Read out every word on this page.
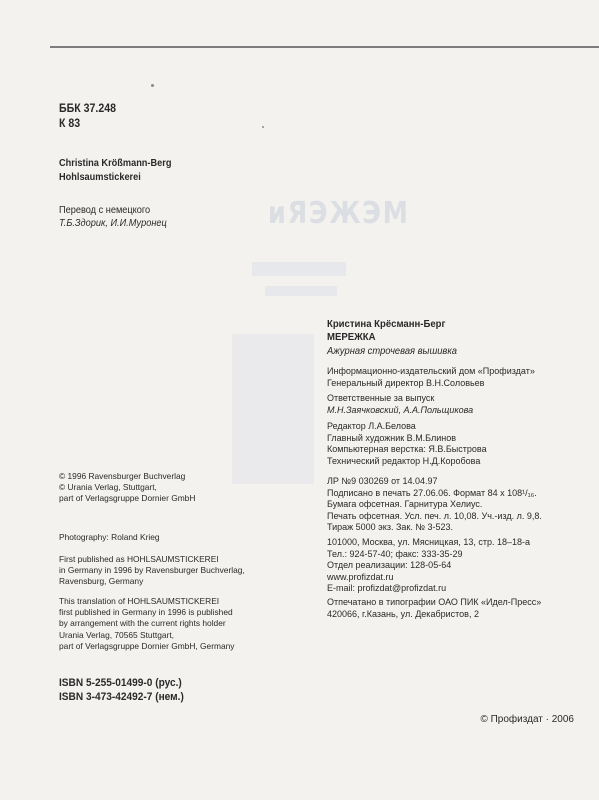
ᴎЯЭЖЭМ
ББК 37.248
К 83
Christina Krößmann-Berg
Hohlsaumstickerei
Перевод с немецкого
Т.Б.Здорик, И.И.Муронец
© 1996 Ravensburger Buchverlag
© Urania Verlag, Stuttgart,
part of Verlagsgruppe Dornier GmbH
Photography: Roland Krieg
First published as HOHLSAUMSTICKEREI
in Germany in 1996 by Ravensburger Buchverlag,
Ravensburg, Germany
This translation of HOHLSAUMSTICKEREI
first published in Germany in 1996 is published
by arrangement with the current rights holder
Urania Verlag, 70565 Stuttgart,
part of Verlagsgruppe Dornier GmbH, Germany
ISBN 5-255-01499-0 (рус.)
ISBN 3-473-42492-7 (нем.)
Кристина Крёсманн-Берг
МЕРЕЖКА
Ажурная строчевая вышивка
Информационно-издательский дом «Профиздат»
Генеральный директор В.Н.Соловьев
Ответственные за выпуск
М.Н.Заячковский, А.А.Польщикова
Редактор Л.А.Белова
Главный художник В.М.Блинов
Компьютерная верстка: Я.В.Быстрова
Технический редактор Н.Д.Коробова
ЛР №9 030269 от 14.04.97
Подписано в печать 27.06.06. Формат 84 x 108¹/₁₆.
Бумага офсетная. Гарнитура Хелиус.
Печать офсетная. Усл. печ. л. 10,08. Уч.-изд. л. 9,8.
Тираж 5000 экз. Зак. № 3-523.
101000, Москва, ул. Мясницкая, 13, стр. 18–18-а
Тел.: 924-57-40; факс: 333-35-29
Отдел реализации: 128-05-64
www.profizdat.ru
E-mail: profizdat@profizdat.ru
Отпечатано в типографии ОАО ПИК «Идел-Пресс»
420066, г.Казань, ул. Декабристов, 2
© Профиздат · 2006
